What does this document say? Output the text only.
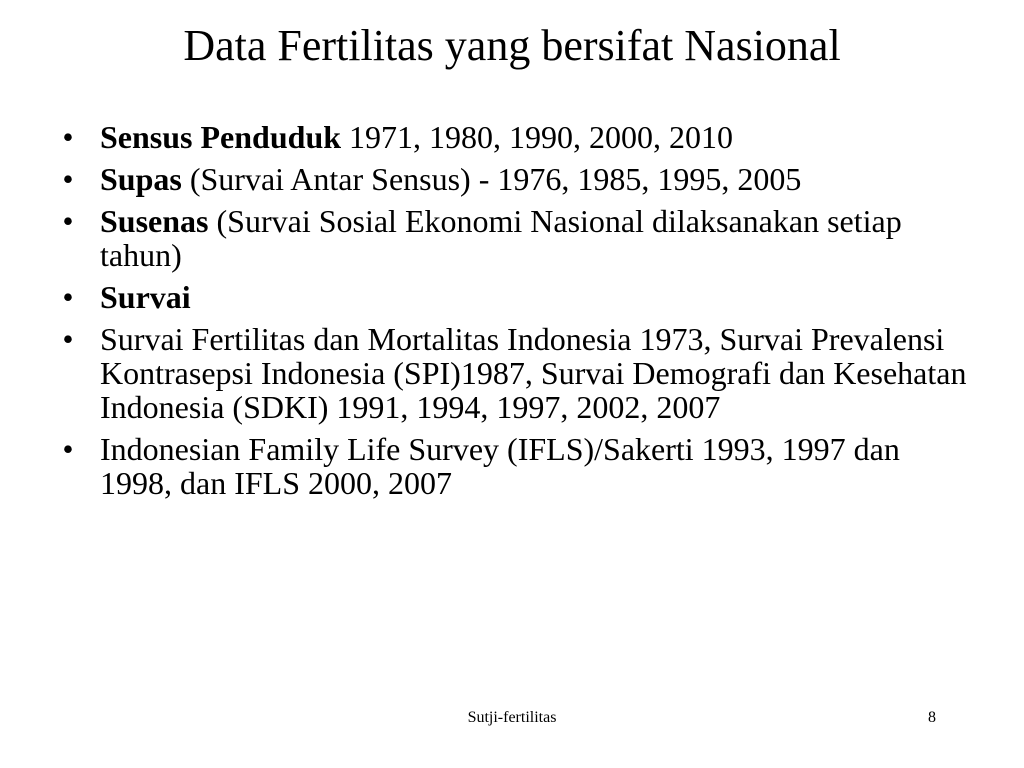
Data Fertilitas yang bersifat Nasional
• Sensus Penduduk 1971, 1980, 1990, 2000, 2010
• Supas (Survai Antar Sensus) - 1976, 1985, 1995, 2005
• Susenas (Survai Sosial Ekonomi Nasional dilaksanakan setiap tahun)
• Survai
• Survai Fertilitas dan Mortalitas Indonesia 1973, Survai Prevalensi Kontrasepsi Indonesia (SPI)1987, Survai Demografi dan Kesehatan Indonesia (SDKI) 1991, 1994, 1997, 2002, 2007
• Indonesian Family Life Survey (IFLS)/Sakerti 1993, 1997 dan 1998, dan IFLS 2000, 2007
Sutji-fertilitas	8
